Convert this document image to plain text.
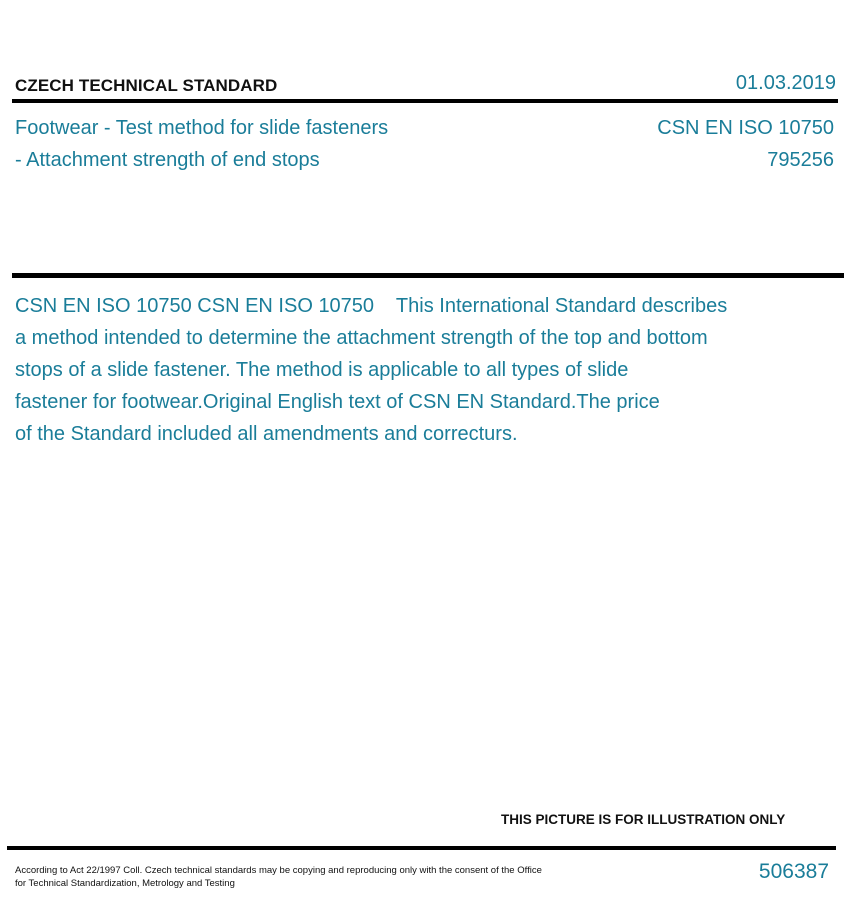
CZECH TECHNICAL STANDARD	01.03.2019
Footwear - Test method for slide fasteners
- Attachment strength of end stops
CSN EN ISO 10750
795256
CSN EN ISO 10750 CSN EN ISO 10750    This International Standard describes
a method intended to determine the attachment strength of the top and bottom
stops of a slide fastener. The method is applicable to all types of slide
fastener for footwear.Original English text of CSN EN Standard.The price
of the Standard included all amendments and correcturs.
THIS PICTURE IS FOR ILLUSTRATION ONLY
According to Act 22/1997 Coll. Czech technical standards may be copying and reproducing only with the consent of the Office
for Technical Standardization, Metrology and Testing
506387
